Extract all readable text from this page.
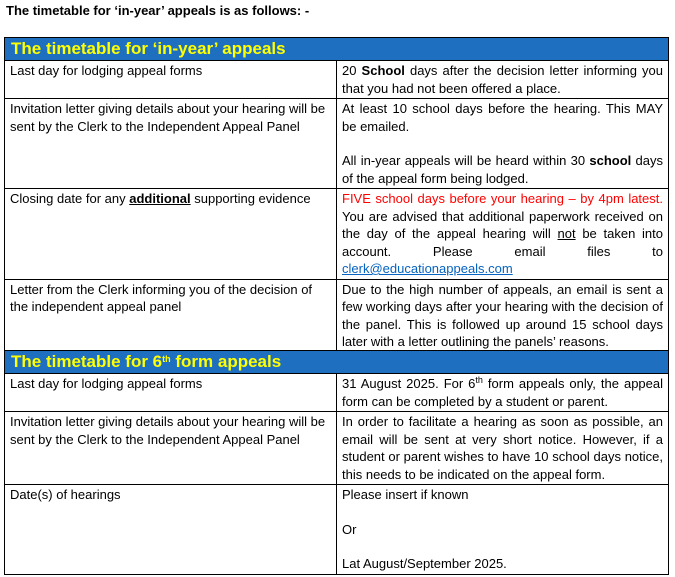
The timetable for ‘in-year’ appeals is as follows: -
The timetable for ‘in-year’ appeals	
Last day for lodging appeal forms	20 School days after the decision letter informing you that you had not been offered a place.
Invitation letter giving details about your hearing will be sent by the Clerk to the Independent Appeal Panel	At least 10 school days before the hearing. This MAY be emailed.
All in-year appeals will be heard within 30 school days of the appeal form being lodged.

Closing date for any additional supporting evidence	FIVE school days before your hearing – by 4pm latest. You are advised that additional paperwork received on the day of the appeal hearing will not be taken into account. Please email files to clerk@educationappeals.com
Letter from the Clerk informing you of the decision of the independent appeal panel	Due to the high number of appeals, an email is sent a few working days after your hearing with the decision of the panel. This is followed up around 15 school days later with a letter outlining the panels’ reasons.
The timetable for 6th form appeals	
Last day for lodging appeal forms	31 August 2025. For 6th form appeals only, the appeal form can be completed by a student or parent.
Invitation letter giving details about your hearing will be sent by the Clerk to the Independent Appeal Panel	In order to facilitate a hearing as soon as possible, an email will be sent at very short notice. However, if a student or parent wishes to have 10 school days notice, this needs to be indicated on the appeal form.
Date(s) of hearings	Please insert if known
Or
Lat August/September 2025.
